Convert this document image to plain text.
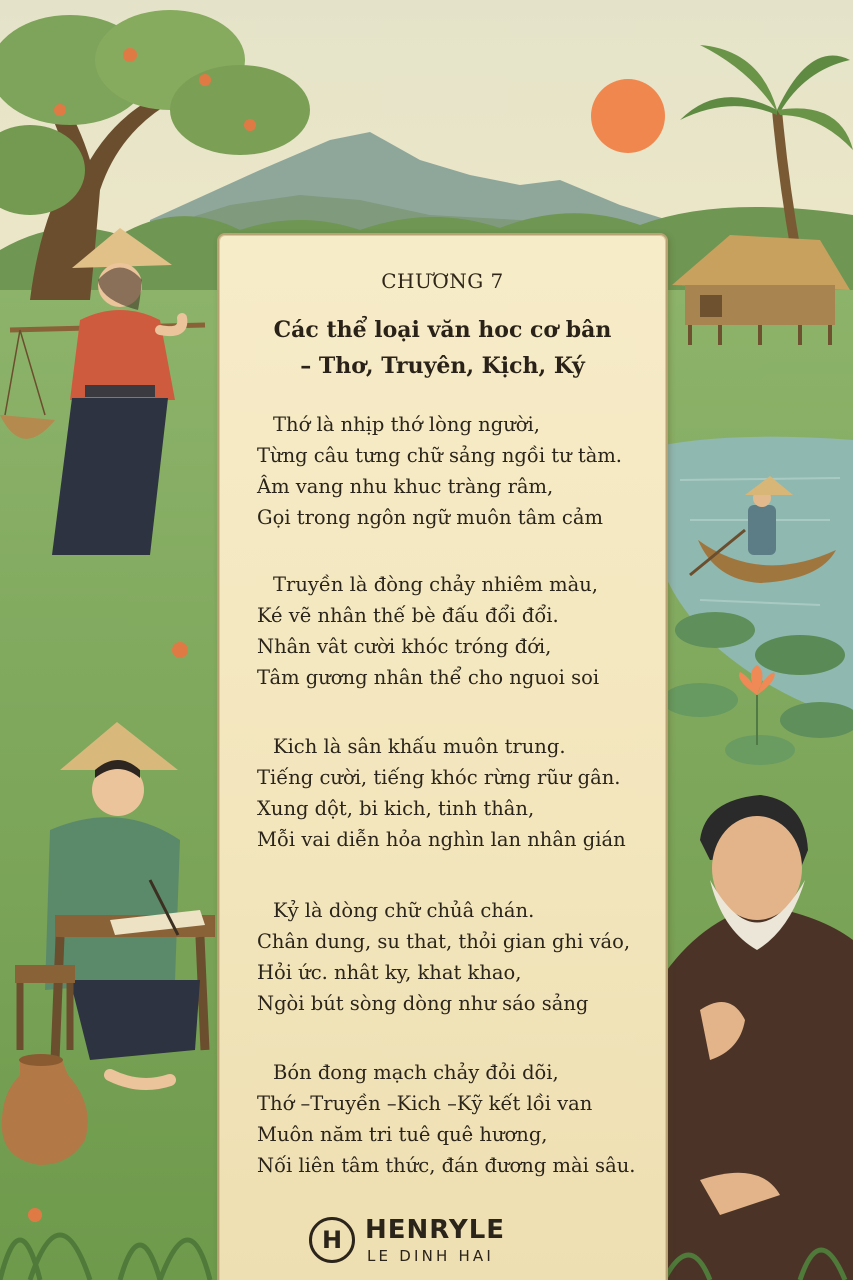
CHƯƠNG 7
Các thể loại văn hoc cơ bân
– Thơ, Truyên, Kịch, Ký
Thớ là nhịp thớ lòng người,
Từng câu tưng chữ sảng ngồi tư tàm.
Âm vang nhu khuc tràng râm,
Gọi trong ngôn ngữ muôn tâm cảm
Truyền là đòng chảy nhiêm màu,
Ké vẽ nhân thế bè đấu đổi đổi.
Nhân vât cười khóc tróng đới,
Tâm gương nhân thể cho nguoi soi
Kich là sân khấu muôn trung.
Tiếng cười, tiếng khóc rừng rũư gân.
Xung dột, bi kich, tinh thân,
Mỗi vai diễn hỏa nghìn lan nhân gián
Kỷ là dòng chữ chủâ chán.
Chân dung, su that, thỏi gian ghi váo,
Hỏi ức. nhât ky, khat khao,
Ngòi bút sòng dòng như sáo sảng
Bón đong mạch chảy đỏi dõi,
Thớ –Truyền –Kich –Kỹ kết lồi van
Muôn năm tri tuê quê hương,
Nối liên tâm thức, đán đương mài sâu.
H HENRYLE
LE DINH HAI
